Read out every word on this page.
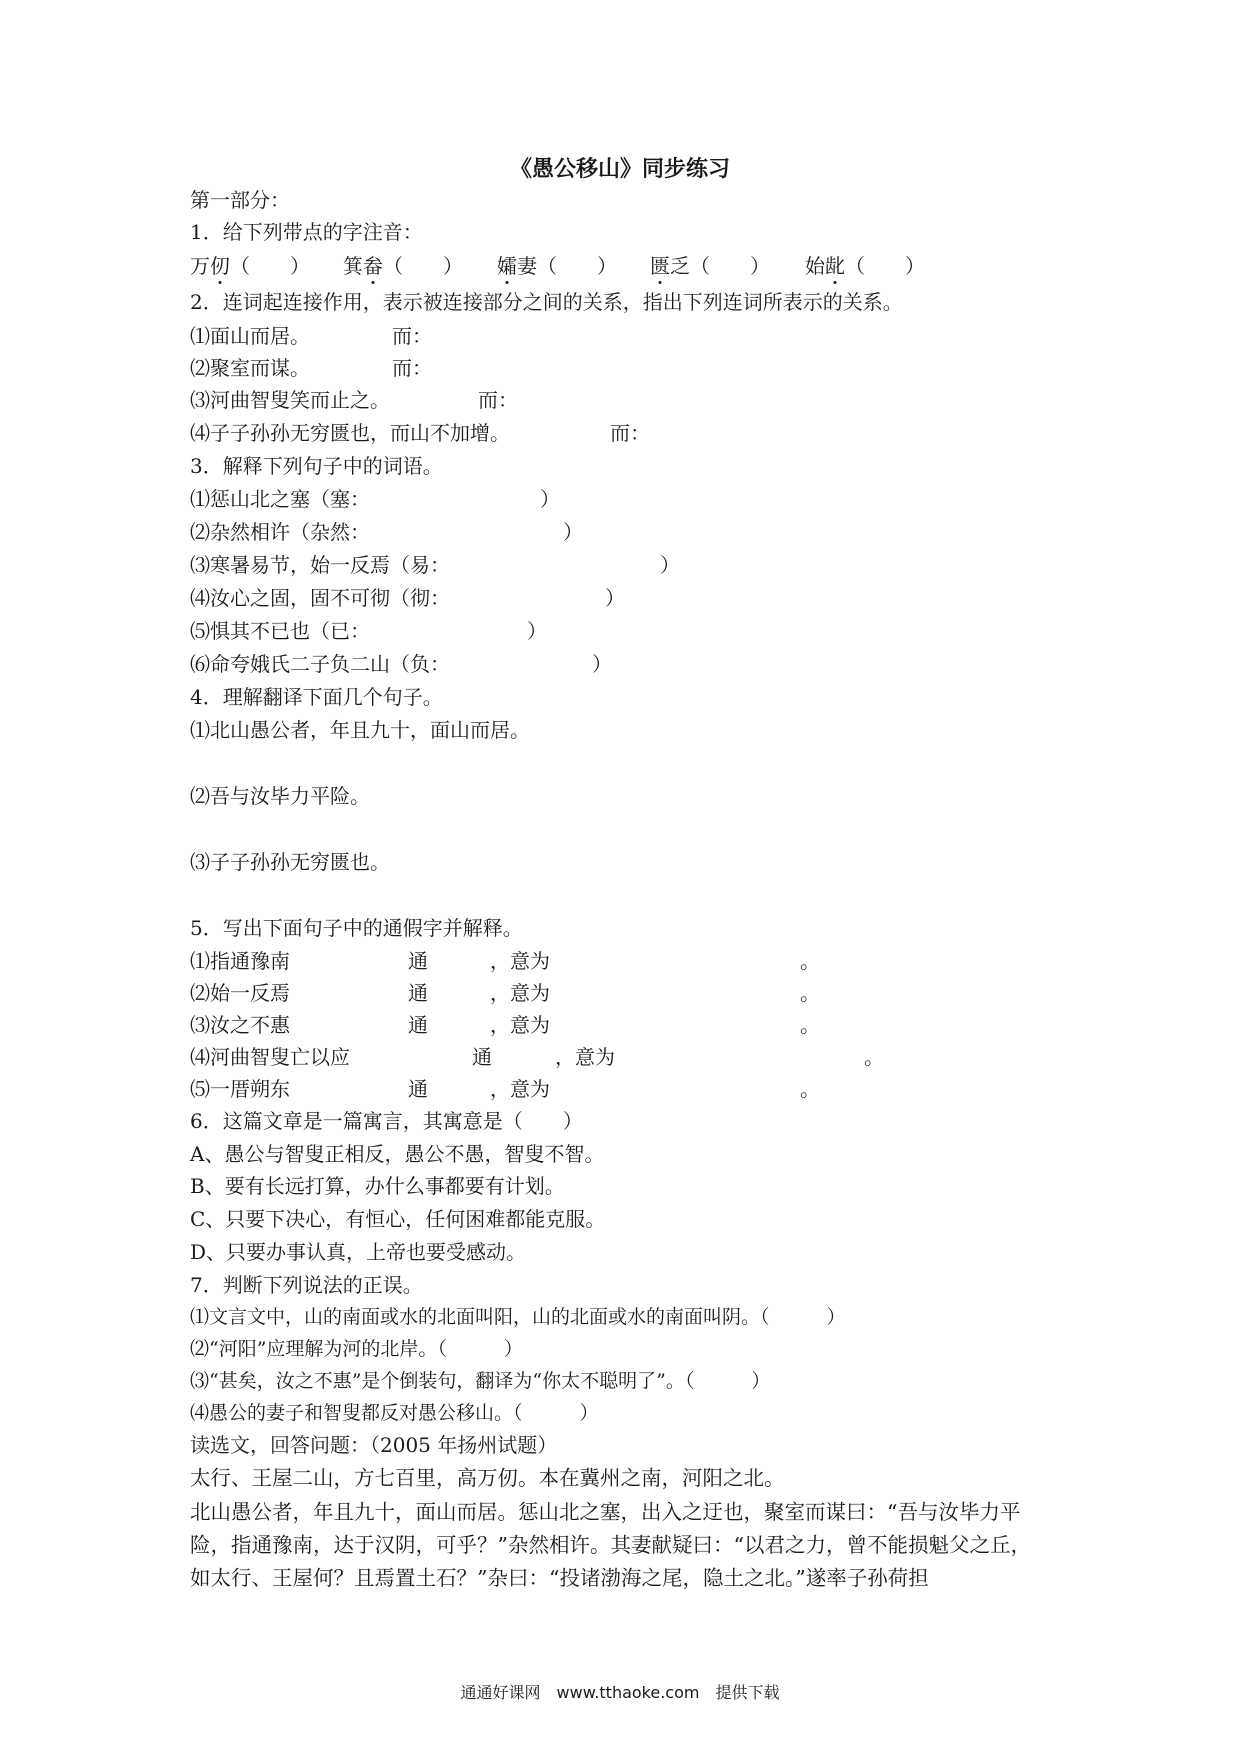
《愚公移山》同步练习
第一部分：
1．给下列带点的字注音：
万仞（　　） 箕畚（　　） 孀妻（　　） 匮乏（　　） 始龀（　　）
2．连词起连接作用，表示被连接部分之间的关系，指出下列连词所表示的关系。
⑴面山而居。	而：
⑵聚室而谋。	而：
⑶河曲智叟笑而止之。	而：
⑷子子孙孙无穷匮也，而山不加增。	而：
3．解释下列句子中的词语。
⑴惩山北之塞（塞：	）
⑵杂然相许（杂然：	）
⑶寒暑易节，始一反焉（易：	）
⑷汝心之固，固不可彻（彻：	）
⑸惧其不已也（已：	）
⑹命夸娥氏二子负二山（负：	）
4．理解翻译下面几个句子。
⑴北山愚公者，年且九十，面山而居。
⑵吾与汝毕力平险。
⑶子子孙孙无穷匮也。
5．写出下面句子中的通假字并解释。
⑴指通豫南	通	，意为	。
⑵始一反焉	通	，意为	。
⑶汝之不惠	通	，意为	。
⑷河曲智叟亡以应	通	，意为	。
⑸一厝朔东	通	，意为	。
6．这篇文章是一篇寓言，其寓意是（　　）
A、愚公与智叟正相反，愚公不愚，智叟不智。
B、要有长远打算，办什么事都要有计划。
C、只要下决心，有恒心，任何困难都能克服。
D、只要办事认真，上帝也要受感动。
7．判断下列说法的正误。
⑴文言文中，山的南面或水的北面叫阳，山的北面或水的南面叫阴。（　　　）
⑵“河阳”应理解为河的北岸。（　　　）
⑶“甚矣，汝之不惠”是个倒装句，翻译为“你太不聪明了”。（　　　）
⑷愚公的妻子和智叟都反对愚公移山。（　　　）
读选文，回答问题：（2005 年扬州试题）
太行、王屋二山，方七百里，高万仞。本在冀州之南，河阳之北。
北山愚公者，年且九十，面山而居。惩山北之塞，出入之迂也，聚室而谋曰：“吾与汝毕力平险，指通豫南，达于汉阴，可乎？”杂然相许。其妻献疑曰：“以君之力，曾不能损魁父之丘，如太行、王屋何？且焉置土石？”杂曰：“投诸渤海之尾，隐土之北。”遂率子孙荷担
通通好课网　www.tthaoke.com　提供下载
